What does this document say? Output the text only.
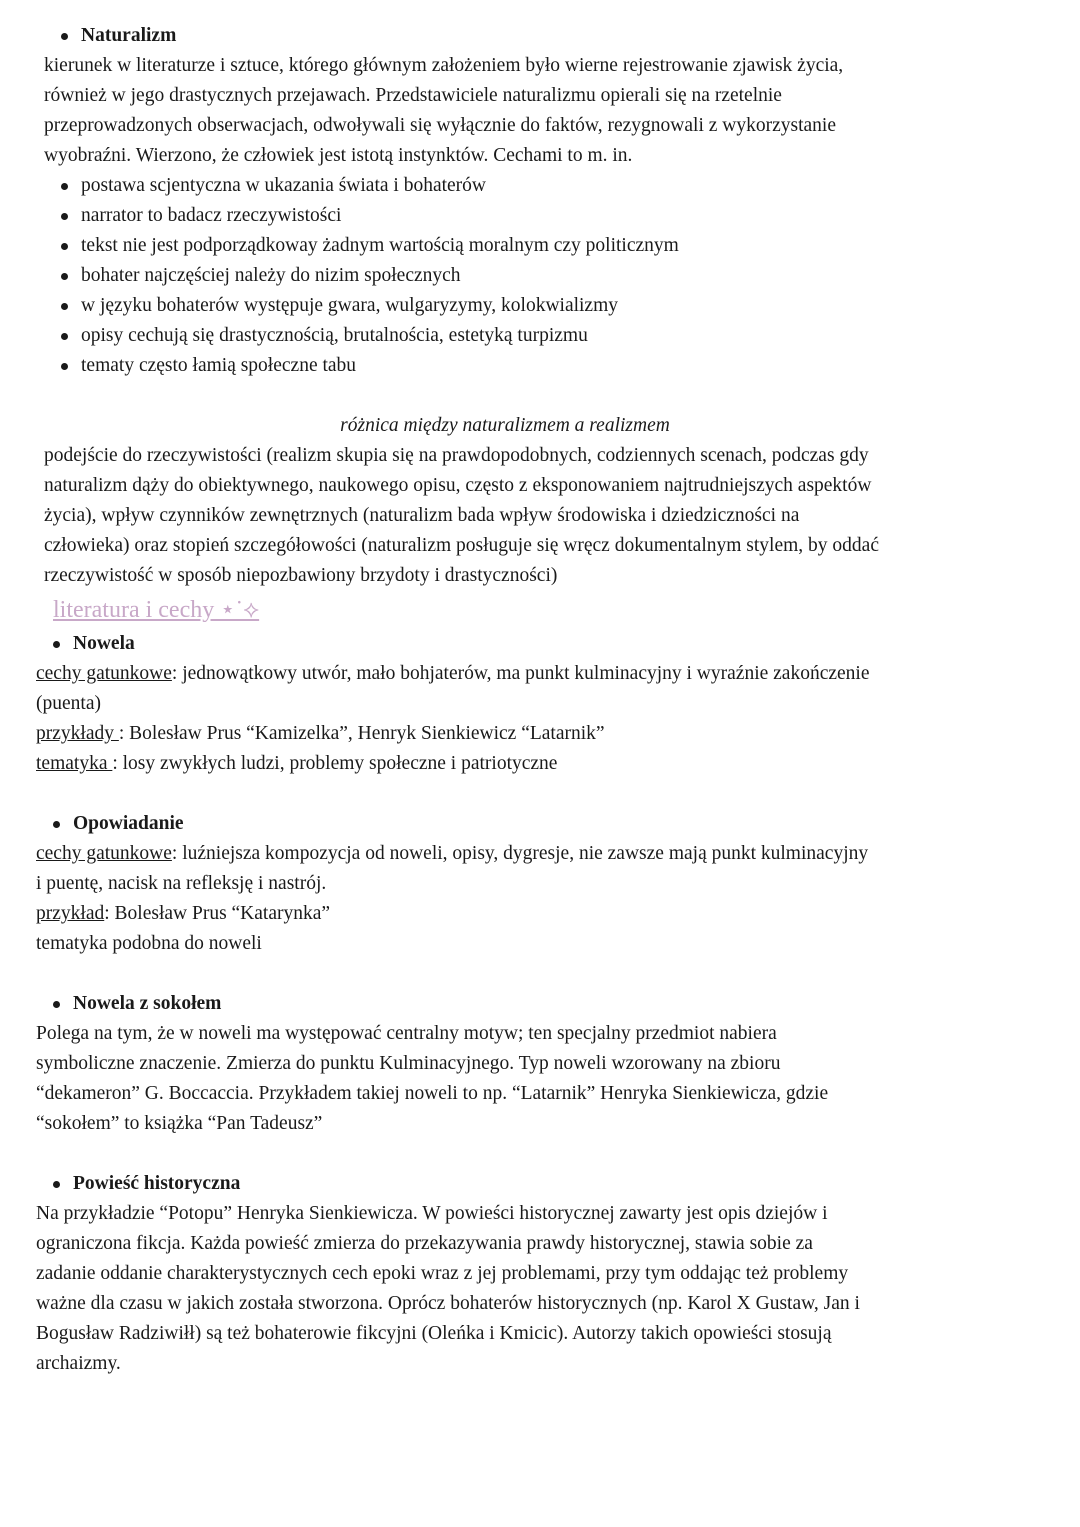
Naturalizm
kierunek w literaturze i sztuce, którego głównym założeniem było wierne rejestrowanie zjawisk życia,
również w jego drastycznych przejawach. Przedstawiciele naturalizmu opierali się na rzetelnie
przeprowadzonych obserwacjach, odwoływali się wyłącznie do faktów, rezygnowali z wykorzystanie
wyobraźni. Wierzono, że człowiek jest istotą instynktów. Cechami to m. in.
postawa scjentyczna w ukazania świata i bohaterów
narrator to badacz rzeczywistości
tekst nie jest podporządkoway żadnym wartością moralnym czy politicznym
bohater najczęściej należy do nizim społecznych
w języku bohaterów występuje gwara, wulgaryzymy, kolokwializmy
opisy cechują się drastycznością, brutalnościa, estetyką turpizmu
tematy często łamią społeczne tabu
różnica między naturalizmem a realizmem
podejście do rzeczywistości (realizm skupia się na prawdopodobnych, codziennych scenach, podczas gdy
naturalizm dąży do obiektywnego, naukowego opisu, często z eksponowaniem najtrudniejszych aspektów
życia), wpływ czynników zewnętrznych (naturalizm bada wpływ środowiska i dziedziczności na
człowieka) oraz stopień szczegółowości (naturalizm posługuje się wręcz dokumentalnym stylem, by oddać
rzeczywistość w sposób niepozbawiony brzydoty i drastyczności)
literatura i cechy ⋆˙⟡
Nowela
cechy gatunkowe: jednowątkowy utwór, mało bohjaterów, ma punkt kulminacyjny i wyraźnie zakończenie
(puenta)
przykłady : Bolesław Prus “Kamizelka”, Henryk Sienkiewicz “Latarnik”
tematyka : losy zwykłych ludzi, problemy społeczne i patriotyczne
Opowiadanie
cechy gatunkowe: luźniejsza kompozycja od noweli, opisy, dygresje, nie zawsze mają punkt kulminacyjny
i puentę, nacisk na refleksję i nastrój.
przykład: Bolesław Prus “Katarynka”
tematyka podobna do noweli
Nowela z sokołem
Polega na tym, że w noweli ma występować centralny motyw; ten specjalny przedmiot nabiera
symboliczne znaczenie. Zmierza do punktu Kulminacyjnego. Typ noweli wzorowany na zbioru
“dekameron” G. Boccaccia. Przykładem takiej noweli to np. “Latarnik” Henryka Sienkiewicza, gdzie
“sokołem” to książka “Pan Tadeusz”
Powieść historyczna
Na przykładzie “Potopu” Henryka Sienkiewicza. W powieści historycznej zawarty jest opis dziejów i
ograniczona fikcja. Każda powieść zmierza do przekazywania prawdy historycznej, stawia sobie za
zadanie oddanie charakterystycznych cech epoki wraz z jej problemami, przy tym oddając też problemy
ważne dla czasu w jakich została stworzona. Oprócz bohaterów historycznych (np. Karol X Gustaw, Jan i
Bogusław Radziwiłł) są też bohaterowie fikcyjni (Oleńka i Kmicic). Autorzy takich opowieści stosują
archaizmy.
